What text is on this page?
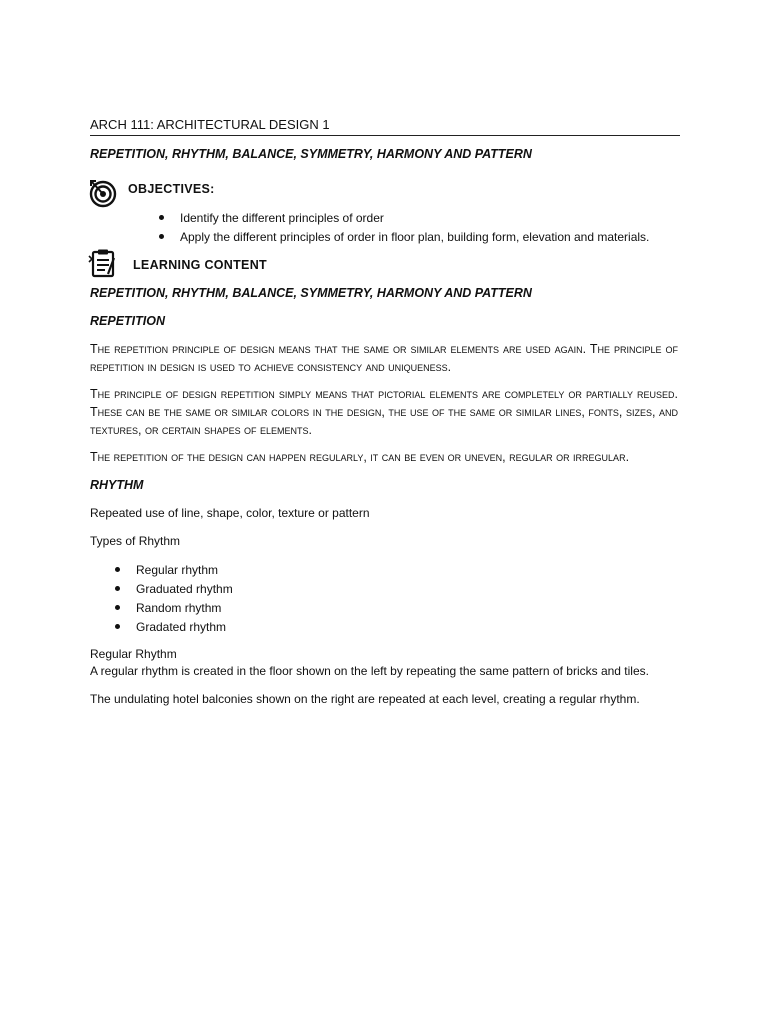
ARCH 111: ARCHITECTURAL DESIGN 1
REPETITION, RHYTHM, BALANCE, SYMMETRY, HARMONY AND PATTERN
OBJECTIVES:
Identify the different principles of order
Apply the different principles of order in floor plan, building form, elevation and materials.
LEARNING CONTENT
REPETITION, RHYTHM, BALANCE, SYMMETRY, HARMONY AND PATTERN
REPETITION

The repetition principle of design means that the same or similar elements are used again. The principle of repetition in design is used to achieve consistency and uniqueness.

The principle of design repetition simply means that pictorial elements are completely or partially reused. These can be the same or similar colors in the design, the use of the same or similar lines, fonts, sizes, and textures, or certain shapes of elements.

The repetition of the design can happen regularly, it can be even or uneven, regular or irregular.

RHYTHM

Repeated use of line, shape, color, texture or pattern

Types of Rhythm

Regular rhythm
Graduated rhythm
Random rhythm
Gradated rhythm

Regular Rhythm

A regular rhythm is created in the floor shown on the left by repeating the same pattern of bricks and tiles.

The undulating hotel balconies shown on the right are repeated at each level, creating a regular rhythm.
